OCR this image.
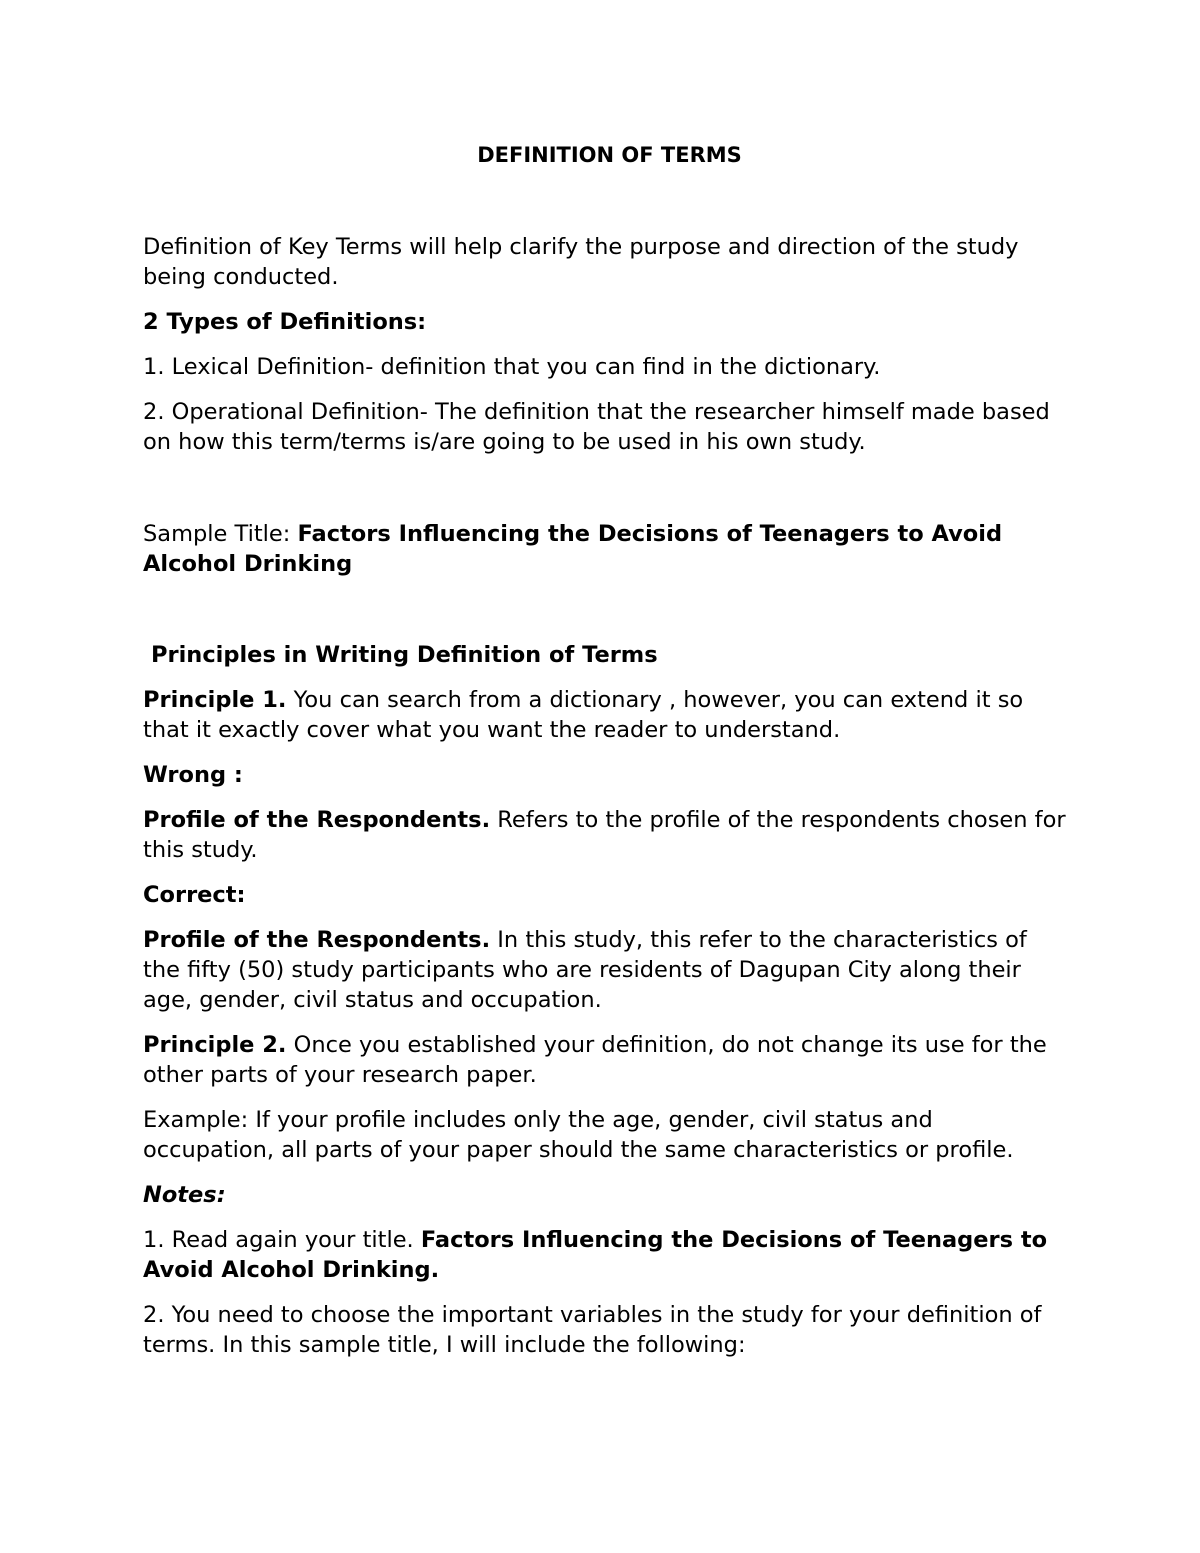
DEFINITION OF TERMS

Definition of Key Terms will help clarify the purpose and direction of the study being conducted.

2 Types of Definitions:

1. Lexical Definition- definition that you can find in the dictionary.

2. Operational Definition- The definition that the researcher himself made based on how this term/terms is/are going to be used in his own study.

Sample Title: Factors Influencing the Decisions of Teenagers to Avoid Alcohol Drinking

Principles in Writing Definition of Terms

Principle 1. You can search from a dictionary , however, you can extend it so that it exactly cover what you want the reader to understand.

Wrong :

Profile of the Respondents. Refers to the profile of the respondents chosen for this study.

Correct:

Profile of the Respondents. In this study, this refer to the characteristics of the fifty (50) study participants who are residents of Dagupan City along their age, gender, civil status and occupation.

Principle 2. Once you established your definition, do not change its use for the other parts of your research paper.

Example: If your profile includes only the age, gender, civil status and occupation, all parts of your paper should the same characteristics or profile.

Notes:

1. Read again your title. Factors Influencing the Decisions of Teenagers to Avoid Alcohol Drinking.

2. You need to choose the important variables in the study for your definition of terms. In this sample title, I will include the following:
